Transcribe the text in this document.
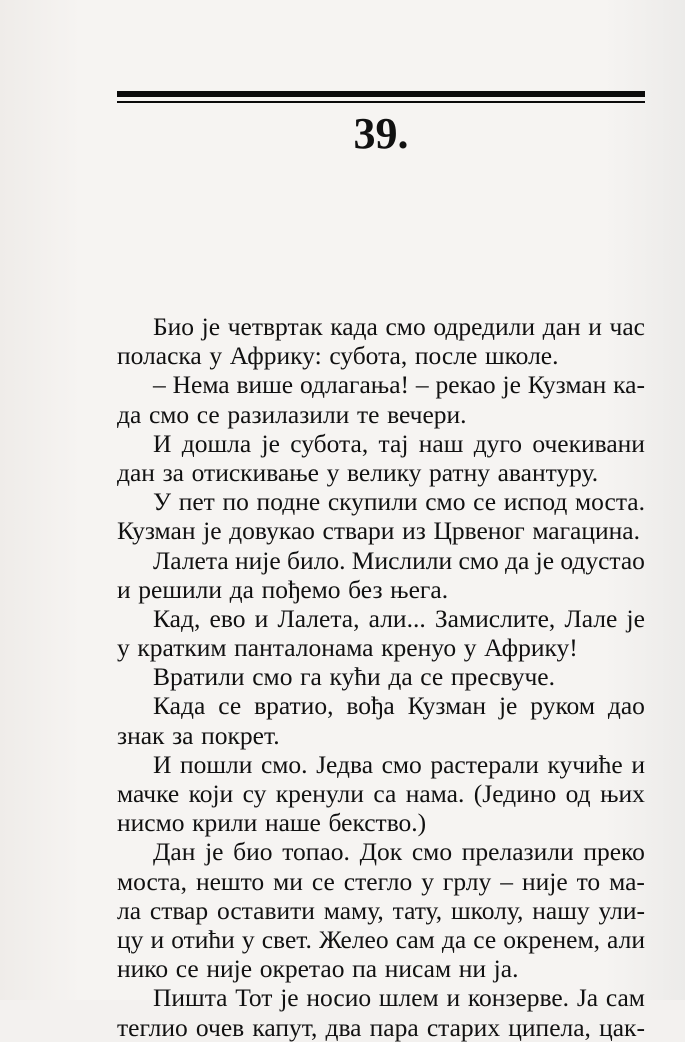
39.
Био је четвртак када смо одредили дан и час
поласка у Африку: субота, после школе.
– Нема више одлагања! – рекао је Кузман ка-
да смо се разилазили те вечери.
И дошла је субота, тај наш дуго очекивани
дан за отискивање у велику ратну авантуру.
У пет по подне скупили смо се испод моста.
Кузман је довукао ствари из Црвеног магацина.
Лалета није било. Мислили смо да је одустао
и решили да пођемо без њега.
Кад, ево и Лалета, али... Замислите, Лале је
у кратким панталонама кренуо у Африку!
Вратили смо га кући да се пресвуче.
Када се вратио, вођа Кузман је руком дао
знак за покрет.
И пошли смо. Једва смо растерали кучиће и
мачке који су кренули са нама. (Једино од њих
нисмо крили наше бекство.)
Дан је био топао. Док смо прелазили преко
моста, нешто ми се стегло у грлу – није то ма-
ла ствар оставити маму, тату, школу, нашу ули-
цу и отићи у свет. Желео сам да се окренем, али
нико се није окретао па нисам ни ја.
Пишта Тот је носио шлем и конзерве. Ја сам
теглио очев капут, два пара старих ципела, цак-
